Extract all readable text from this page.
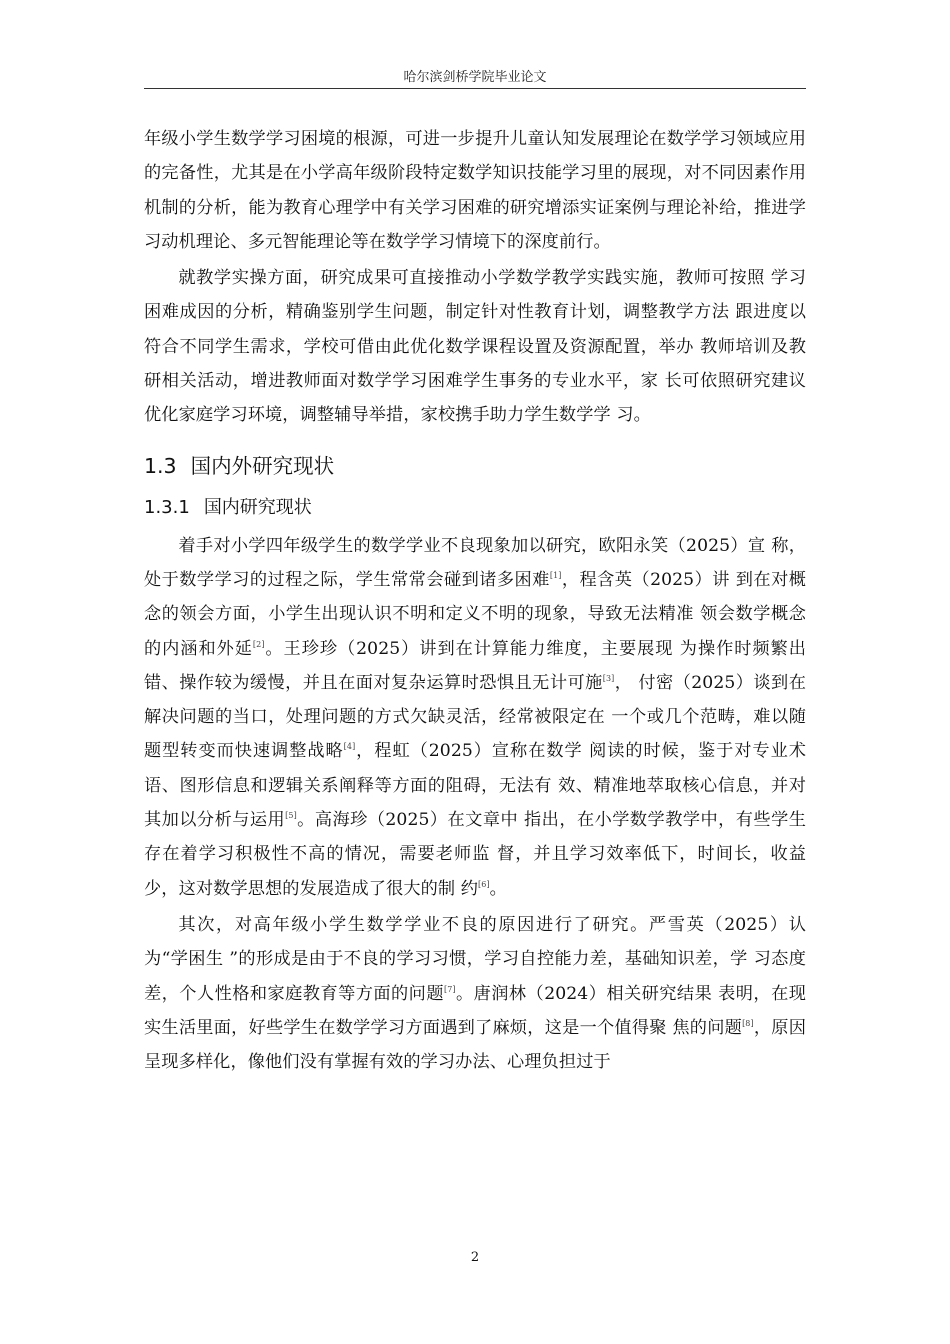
哈尔滨剑桥学院毕业论文

年级小学生数学学习困境的根源，可进一步提升儿童认知发展理论在数学学习领域应用的完备性，尤其是在小学高年级阶段特定数学知识技能学习里的展现，对不同因素作用机制的分析，能为教育心理学中有关学习困难的研究增添实证案例与理论补给，推进学习动机理论、多元智能理论等在数学学习情境下的深度前行。

就教学实操方面，研究成果可直接推动小学数学教学实践实施，教师可按照 学习困难成因的分析，精确鉴别学生问题，制定针对性教育计划，调整教学方法 跟进度以符合不同学生需求，学校可借由此优化数学课程设置及资源配置，举办 教师培训及教研相关活动，增进教师面对数学学习困难学生事务的专业水平，家 长可依照研究建议优化家庭学习环境，调整辅导举措，家校携手助力学生数学学 习。

1.3 国内外研究现状
1.3.1 国内研究现状

着手对小学四年级学生的数学学业不良现象加以研究，欧阳永笑（2025）宣 称，处于数学学习的过程之际，学生常常会碰到诸多困难[1]，程含英（2025）讲 到在对概念的领会方面，小学生出现认识不明和定义不明的现象，导致无法精准 领会数学概念的内涵和外延[2]。王珍珍（2025）讲到在计算能力维度，主要展现 为操作时频繁出错、操作较为缓慢，并且在面对复杂运算时恐惧且无计可施[3]， 付密（2025）谈到在解决问题的当口，处理问题的方式欠缺灵活，经常被限定在 一个或几个范畴，难以随题型转变而快速调整战略[4]，程虹（2025）宣称在数学 阅读的时候，鉴于对专业术语、图形信息和逻辑关系阐释等方面的阻碍，无法有 效、精准地萃取核心信息，并对其加以分析与运用[5]。高海珍（2025）在文章中 指出，在小学数学教学中，有些学生存在着学习积极性不高的情况，需要老师监 督，并且学习效率低下，时间长，收益少，这对数学思想的发展造成了很大的制 约[6]。

其次，对高年级小学生数学学业不良的原因进行了研究。严雪英（2025）认 为“学困生 ”的形成是由于不良的学习习惯，学习自控能力差，基础知识差，学 习态度差，个人性格和家庭教育等方面的问题[7]。唐润林（2024）相关研究结果 表明，在现实生活里面，好些学生在数学学习方面遇到了麻烦，这是一个值得聚 焦的问题[8]，原因呈现多样化，像他们没有掌握有效的学习办法、心理负担过于

2
